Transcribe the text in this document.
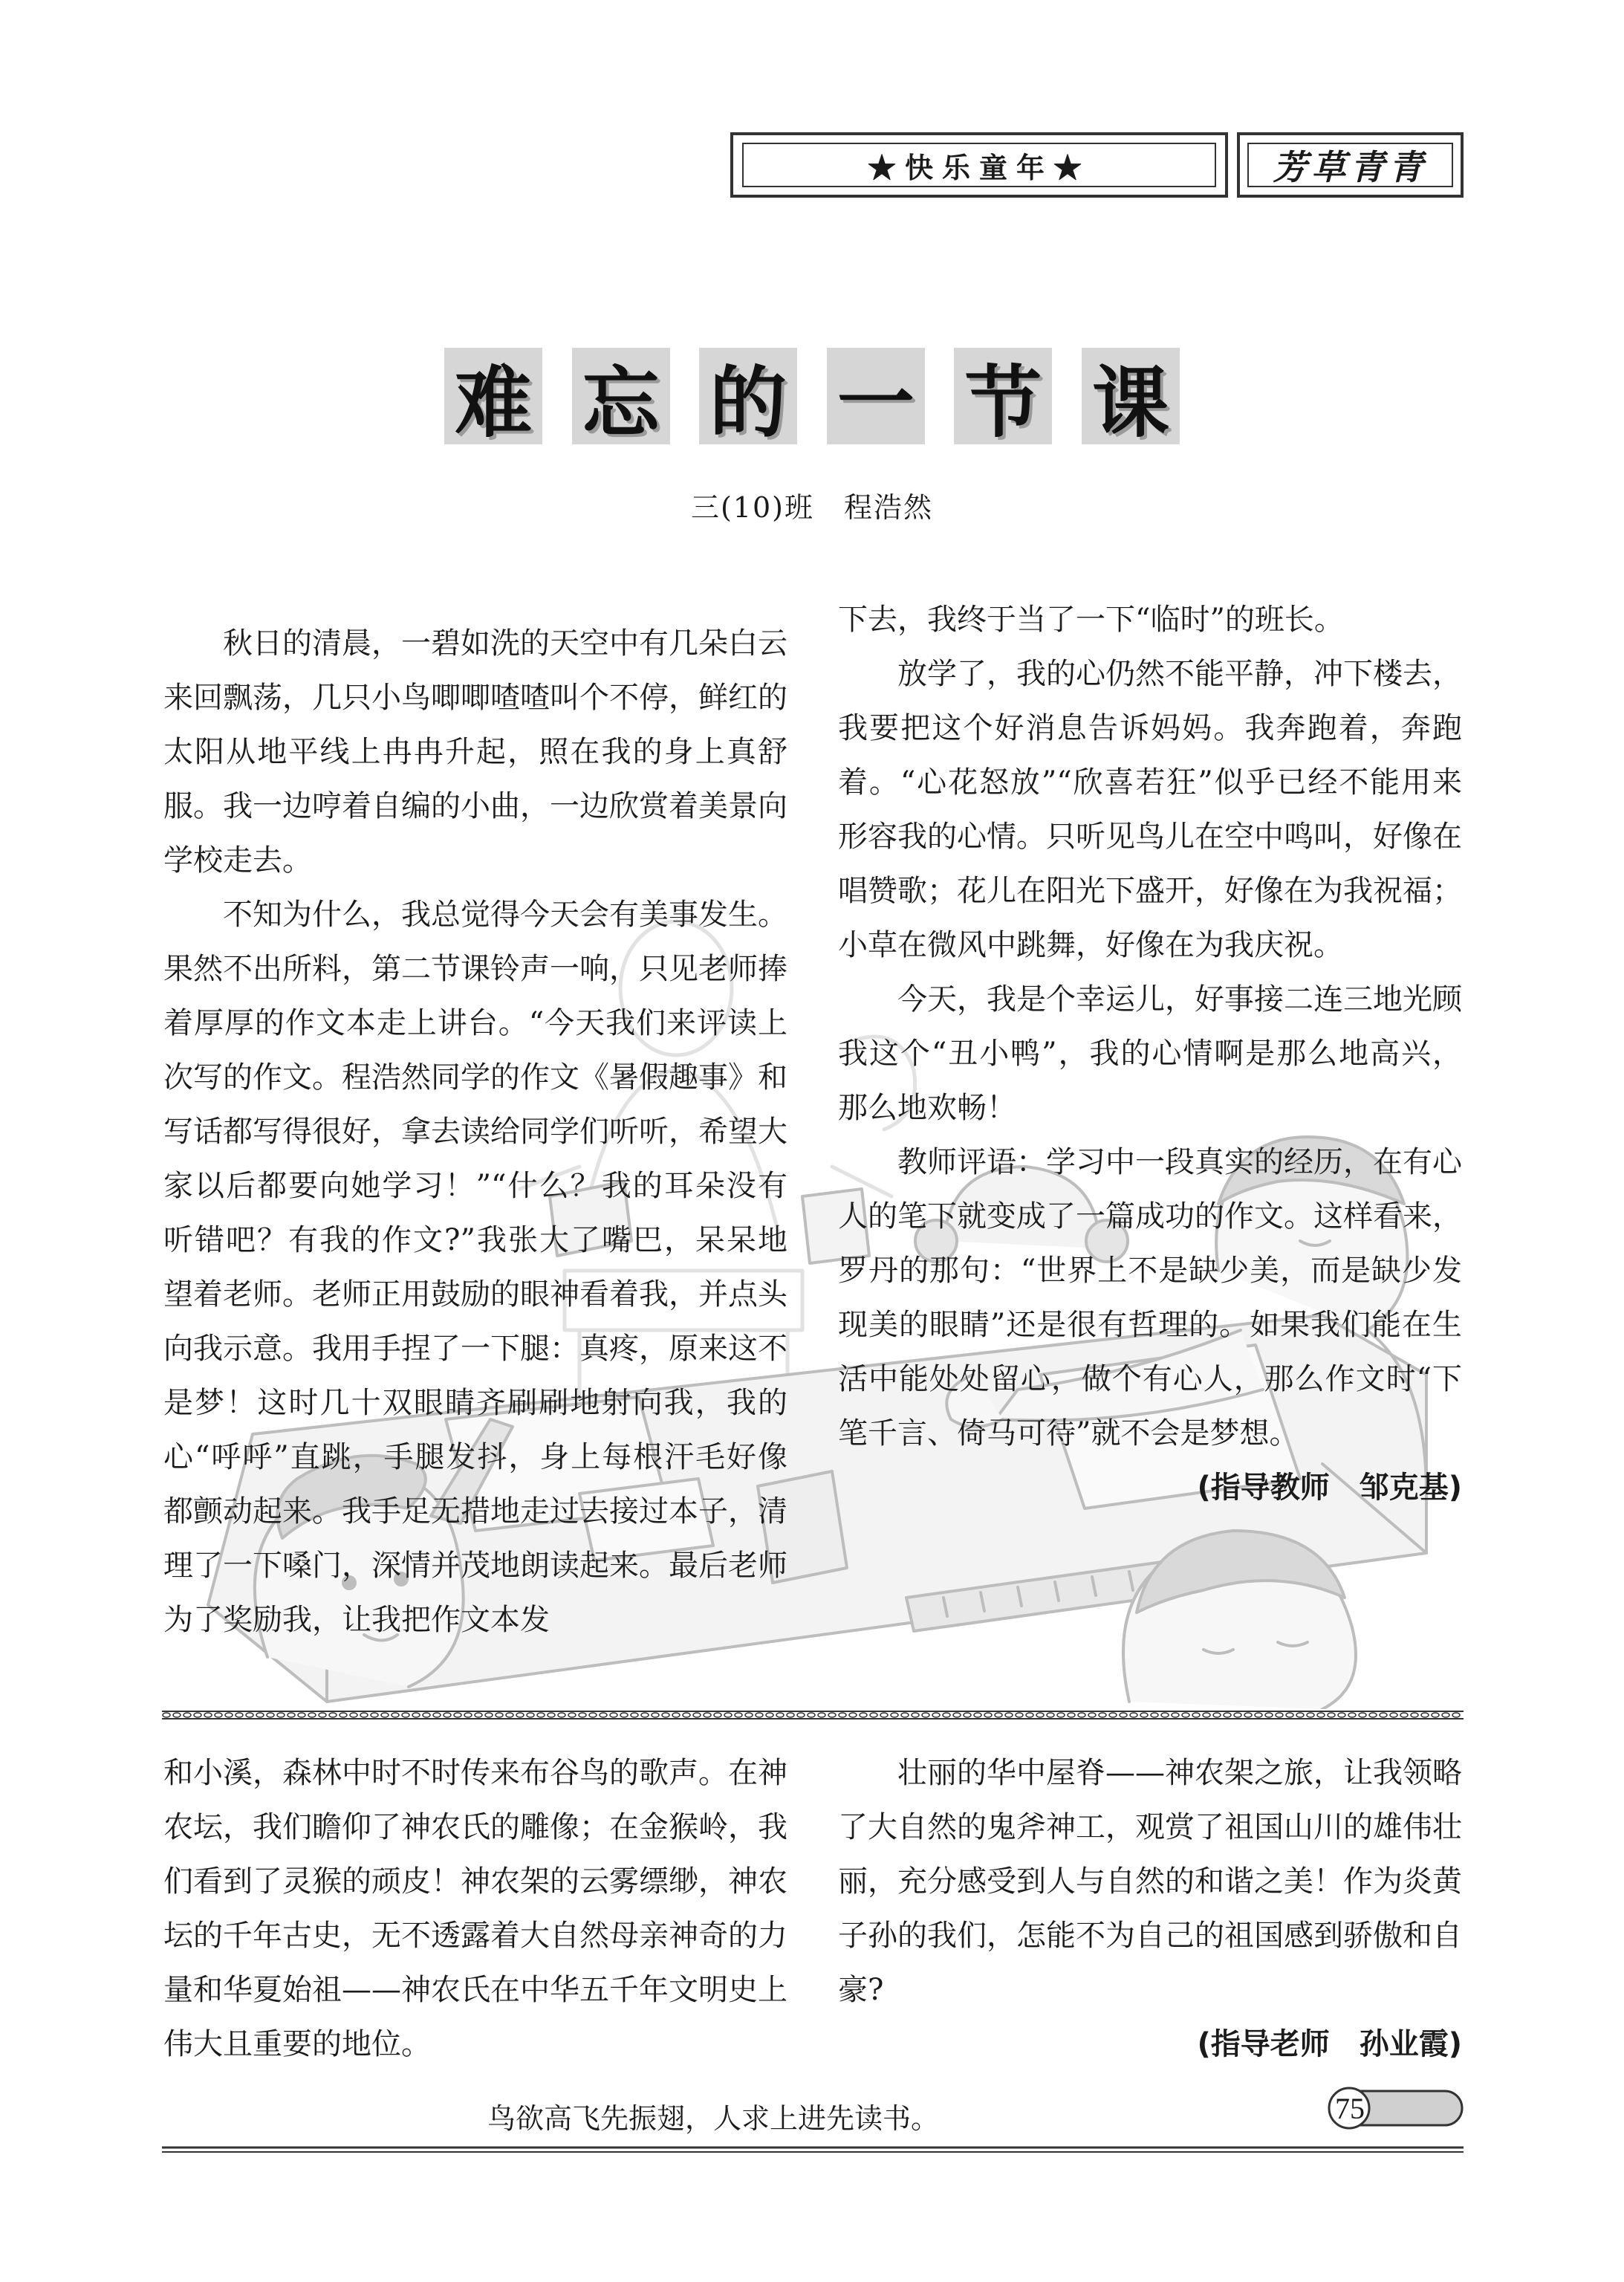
★快乐童年★	芳草青青
难 忘 的 一 节 课
三(10)班　程浩然

秋日的清晨，一碧如洗的天空中有几朵白云来回飘荡，几只小鸟唧唧喳喳叫个不停，鲜红的太阳从地平线上冉冉升起，照在我的身上真舒服。我一边哼着自编的小曲，一边欣赏着美景向学校走去。

不知为什么，我总觉得今天会有美事发生。果然不出所料，第二节课铃声一响，只见老师捧着厚厚的作文本走上讲台。“今天我们来评读上次写的作文。程浩然同学的作文《暑假趣事》和写话都写得很好，拿去读给同学们听听，希望大家以后都要向她学习！”“什么？我的耳朵没有听错吧？有我的作文?”我张大了嘴巴，呆呆地望着老师。老师正用鼓励的眼神看着我，并点头向我示意。我用手捏了一下腿：真疼，原来这不是梦！这时几十双眼睛齐刷刷地射向我，我的心“呼呼”直跳，手腿发抖，身上每根汗毛好像都颤动起来。我手足无措地走过去接过本子，清理了一下嗓门，深情并茂地朗读起来。最后老师为了奖励我，让我把作文本发

下去，我终于当了一下“临时”的班长。

放学了，我的心仍然不能平静，冲下楼去，我要把这个好消息告诉妈妈。我奔跑着，奔跑着。“心花怒放”“欣喜若狂”似乎已经不能用来形容我的心情。只听见鸟儿在空中鸣叫，好像在唱赞歌；花儿在阳光下盛开，好像在为我祝福；小草在微风中跳舞，好像在为我庆祝。

今天，我是个幸运儿，好事接二连三地光顾我这个“丑小鸭”，我的心情啊是那么地高兴，那么地欢畅！

教师评语：学习中一段真实的经历，在有心人的笔下就变成了一篇成功的作文。这样看来，罗丹的那句：“世界上不是缺少美，而是缺少发现美的眼睛”还是很有哲理的。如果我们能在生活中能处处留心，做个有心人，那么作文时“下笔千言、倚马可待”就不会是梦想。

(指导教师　邹克基)

和小溪，森林中时不时传来布谷鸟的歌声。在神农坛，我们瞻仰了神农氏的雕像；在金猴岭，我们看到了灵猴的顽皮！神农架的云雾缥缈，神农坛的千年古史，无不透露着大自然母亲神奇的力量和华夏始祖——神农氏在中华五千年文明史上伟大且重要的地位。

壮丽的华中屋脊——神农架之旅，让我领略了大自然的鬼斧神工，观赏了祖国山川的雄伟壮丽，充分感受到人与自然的和谐之美！作为炎黄子孙的我们，怎能不为自己的祖国感到骄傲和自豪?

(指导老师　孙业霞)
鸟欲高飞先振翅，人求上进先读书。	75
